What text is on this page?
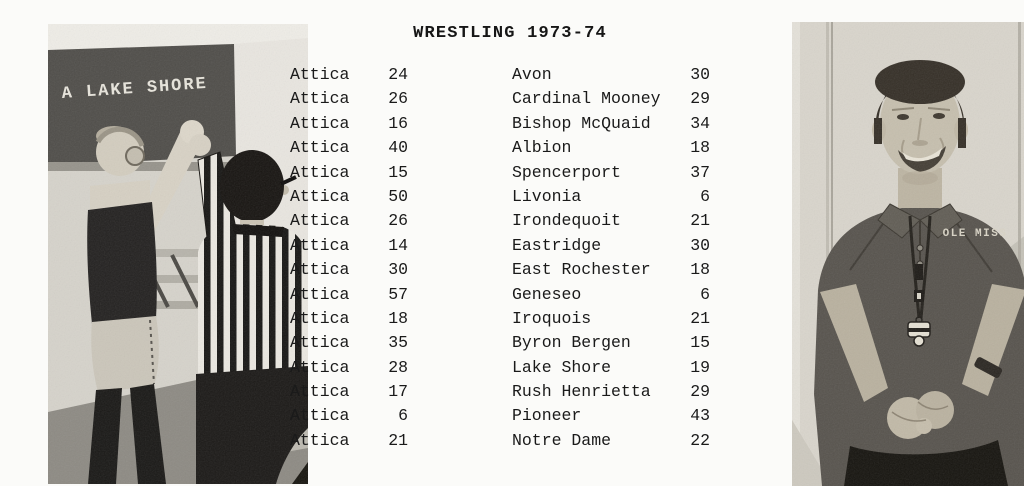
A LAKE SHORE
WRESTLING 1973-74
Attica	24	Avon	30
Attica	26	Cardinal Mooney	29
Attica	16	Bishop McQuaid	34
Attica	40	Albion	18
Attica	15	Spencerport	37
Attica	50	Livonia	6
Attica	26	Irondequoit	21
Attica	14	Eastridge	30
Attica	30	East Rochester	18
Attica	57	Geneseo	6
Attica	18	Iroquois	21
Attica	35	Byron Bergen	15
Attica	28	Lake Shore	19
Attica	17	Rush Henrietta	29
Attica	6	Pioneer	43
Attica	21	Notre Dame	22
OLE MISS
